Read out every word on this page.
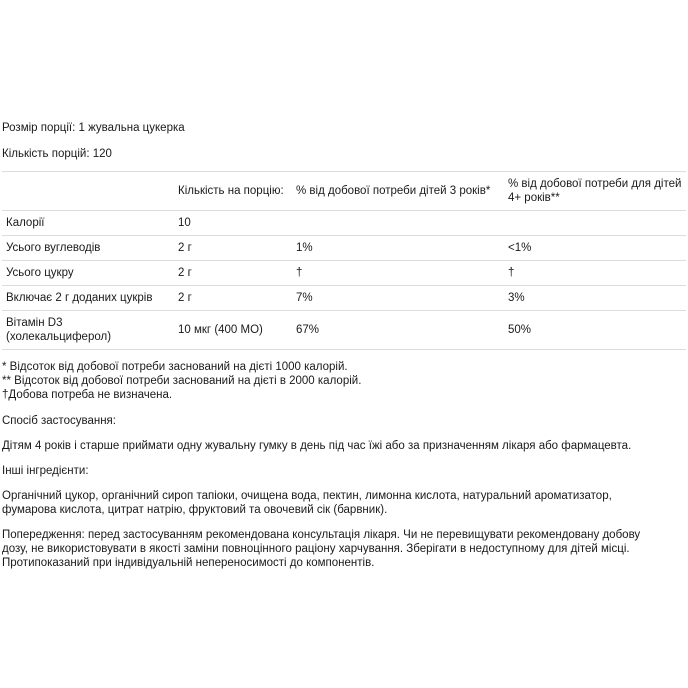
Розмір порції: 1 жувальна цукерка
Кількість порцій: 120
	Кількість на порцію:	% від добової потреби дітей 3 років*	% від добової потреби для дітей 4+ років**
Калорії	10		
Усього вуглеводів	2 г	1%	<1%
Усього цукру	2 г	†	†
Включає 2 г доданих цукрів	2 г	7%	3%
Вітамін D3 (холекальциферол)	10 мкг (400 МО)	67%	50%
* Відсоток від добової потреби заснований на дієті 1000 калорій.
** Відсоток від добової потреби заснований на дієті в 2000 калорій.
†Добова потреба не визначена.
Спосіб застосування:
Дітям 4 років і старше приймати одну жувальну гумку в день під час їжі або за призначенням лікаря або фармацевта.
Інші інгредієнти:
Органічний цукор, органічний сироп тапіоки, очищена вода, пектин, лимонна кислота, натуральний ароматизатор,
фумарова кислота, цитрат натрію, фруктовий та овочевий сік (барвник).
Попередження: перед застосуванням рекомендована консультація лікаря. Чи не перевищувати рекомендовану добову
дозу, не використовувати в якості заміни повноцінного раціону харчування. Зберігати в недоступному для дітей місці.
Протипоказаний при індивідуальній непереносимості до компонентів.
